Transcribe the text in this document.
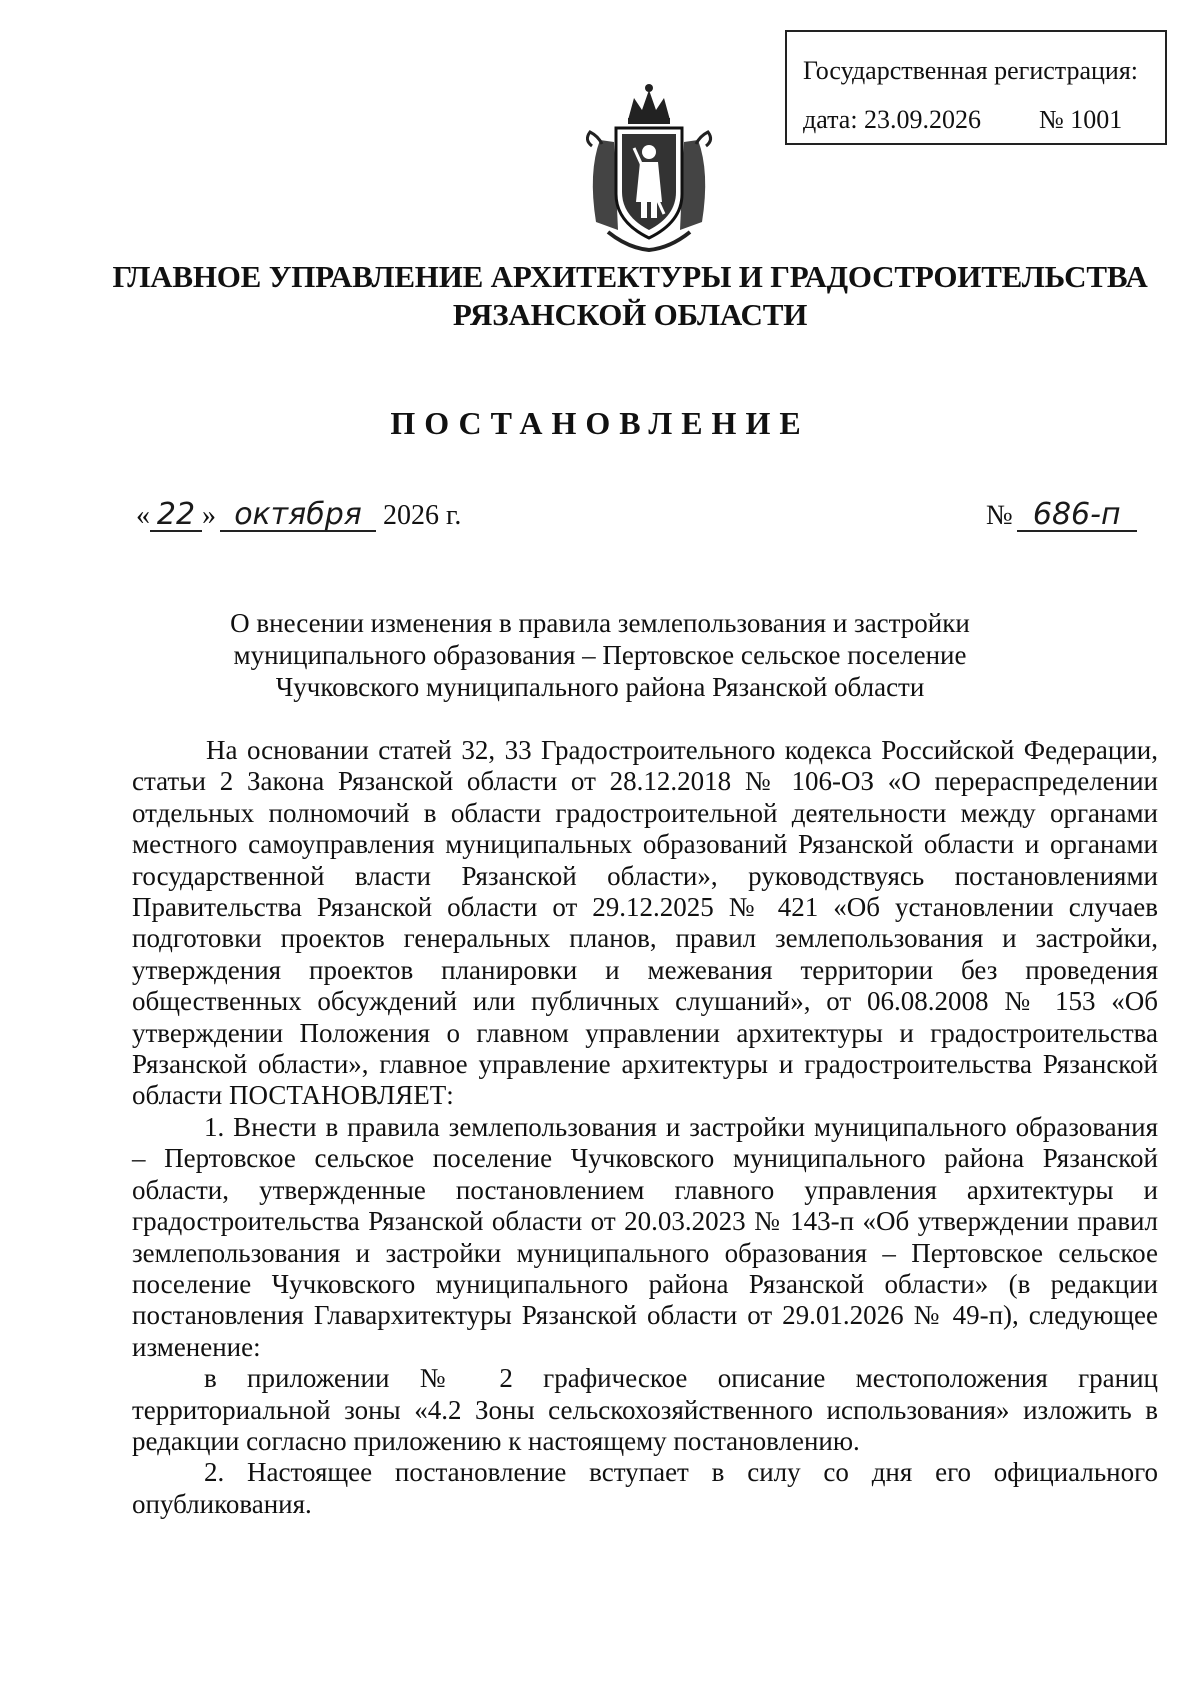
Государственная регистрация:
дата: 23.09.2026 № 1001
ГЛАВНОЕ УПРАВЛЕНИЕ АРХИТЕКТУРЫ И ГРАДОСТРОИТЕЛЬСТВА
РЯЗАНСКОЙ ОБЛАСТИ
ПОСТАНОВЛЕНИЕ
« 22 » октября 2026 г.	№ 686-п
О внесении изменения в правила землепользования и застройки
муниципального образования – Пертовское сельское поселение
Чучковского муниципального района Рязанской области

На основании статей 32, 33 Градостроительного кодекса Российской Федерации, статьи 2 Закона Рязанской области от 28.12.2018 № 106-ОЗ «О перераспределении отдельных полномочий в области градостроительной деятельности между органами местного самоуправления муниципальных образований Рязанской области и органами государственной власти Рязанской области», руководствуясь постановлениями Правительства Рязанской области от 29.12.2025 № 421 «Об установлении случаев подготовки проектов генеральных планов, правил землепользования и застройки, утверждения проектов планировки и межевания территории без проведения общественных обсуждений или публичных слушаний», от 06.08.2008 № 153 «Об утверждении Положения о главном управлении архитектуры и градостроительства Рязанской области», главное управление архитектуры и градостроительства Рязанской области ПОСТАНОВЛЯЕТ:

1. Внести в правила землепользования и застройки муниципального образования – Пертовское сельское поселение Чучковского муниципального района Рязанской области, утвержденные постановлением главного управления архитектуры и градостроительства Рязанской области от 20.03.2023 № 143-п «Об утверждении правил землепользования и застройки муниципального образования – Пертовское сельское поселение Чучковского муниципального района Рязанской области» (в редакции постановления Главархитектуры Рязанской области от 29.01.2026 № 49-п), следующее изменение:

в приложении № 2 графическое описание местоположения границ территориальной зоны «4.2 Зоны сельскохозяйственного использования» изложить в редакции согласно приложению к настоящему постановлению.

2. Настоящее постановление вступает в силу со дня его официального опубликования.
